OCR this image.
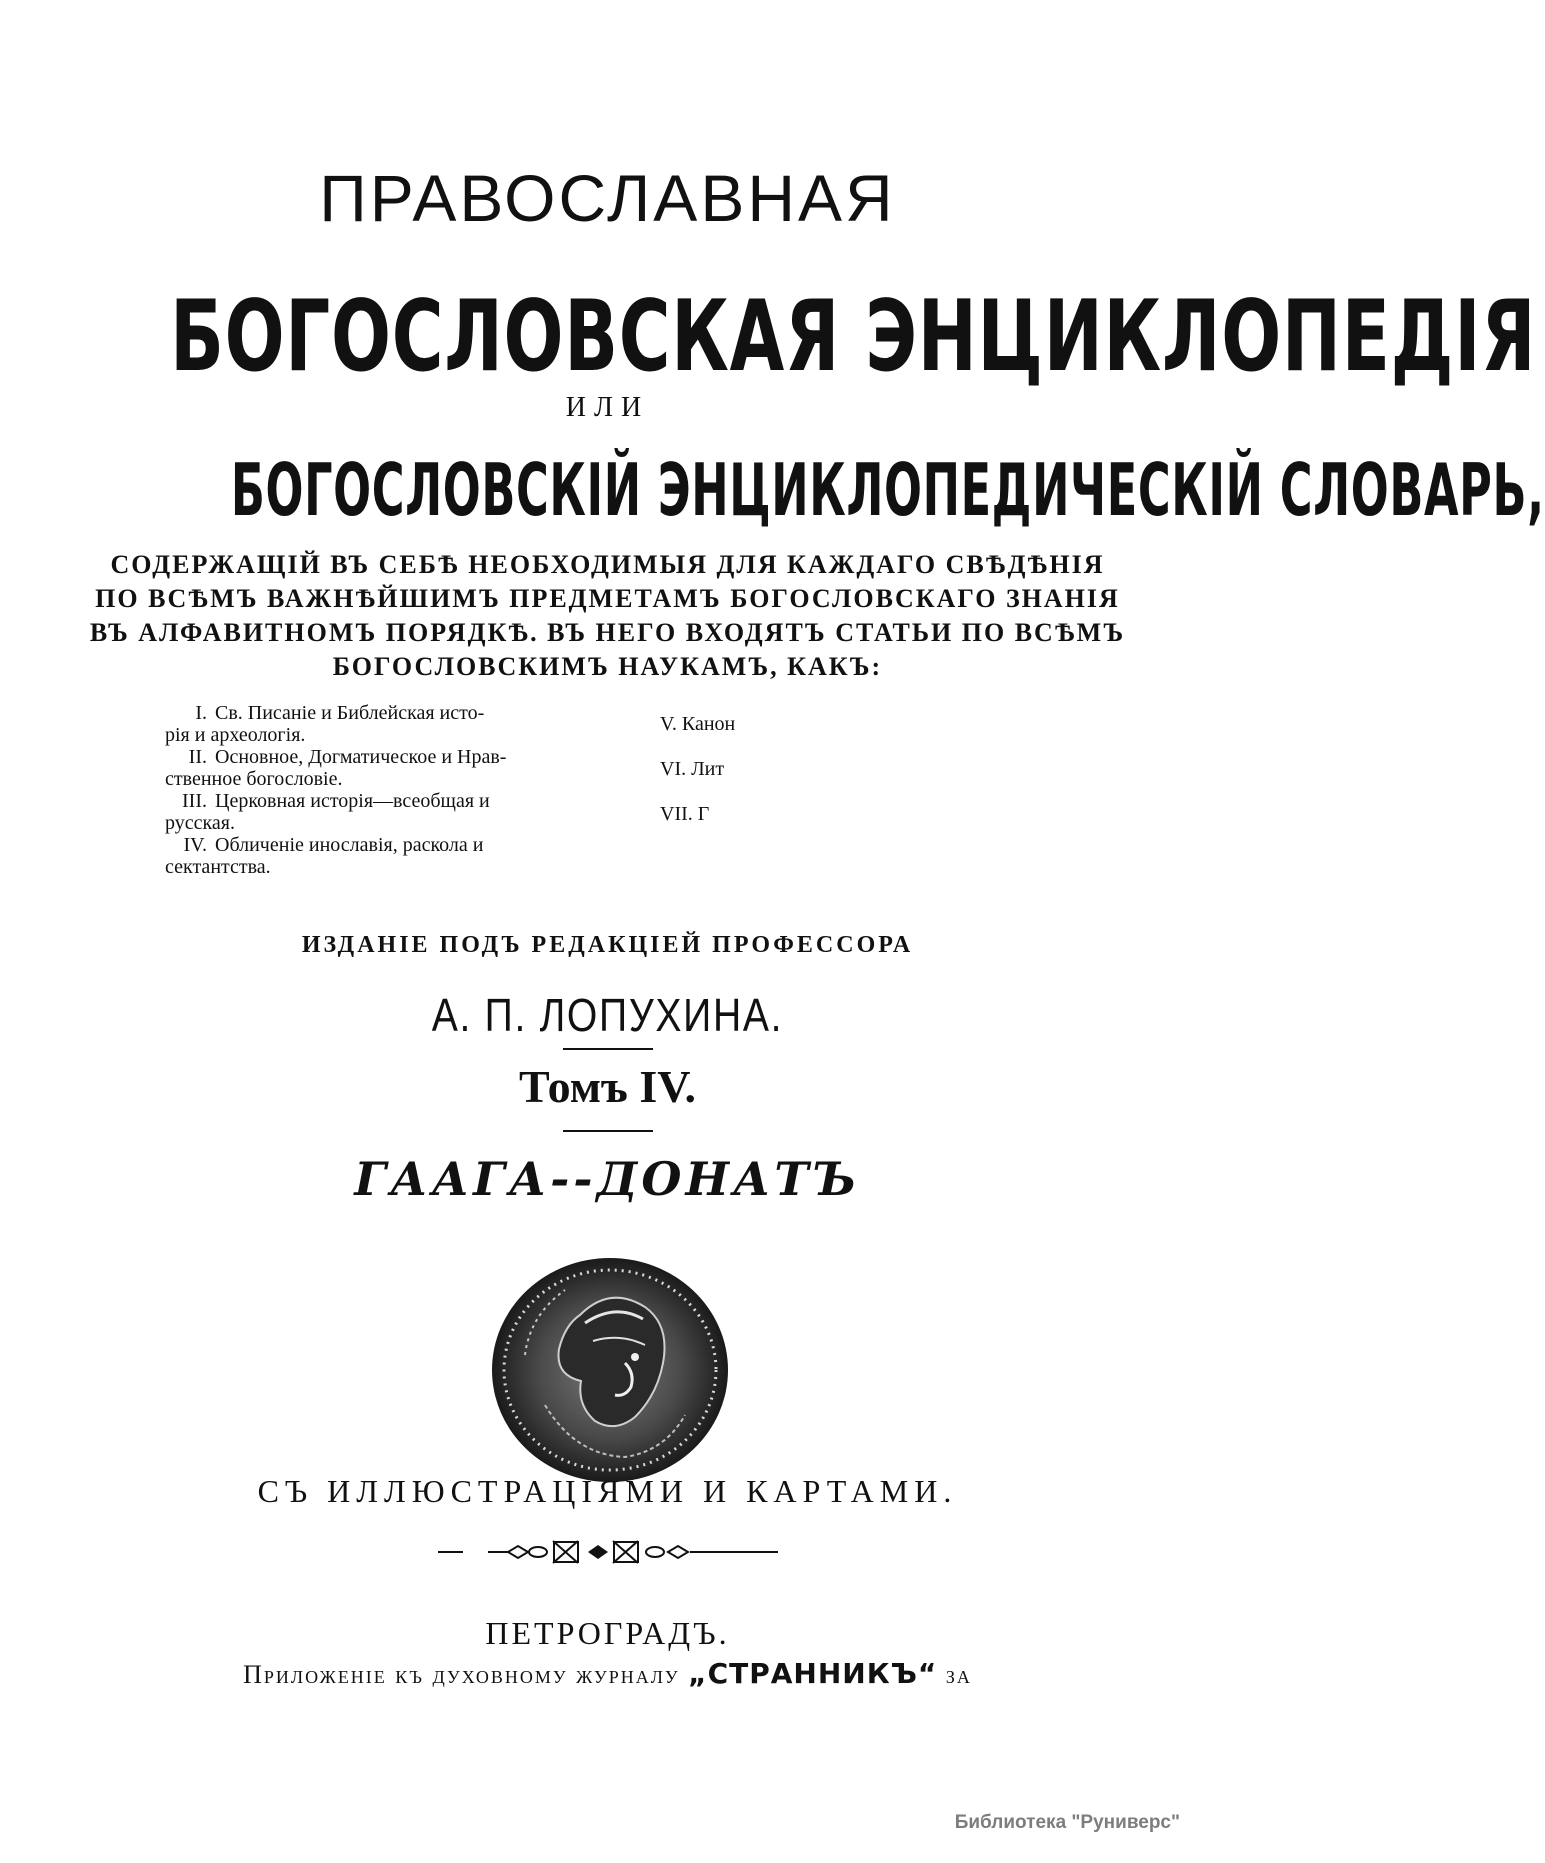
ПРАВОСЛАВНАЯ
БОГОСЛОВСКАЯ ЭНЦИКЛОПЕДІЯ
ИЛИ
БОГОСЛОВСКІЙ ЭНЦИКЛОПЕДИЧЕСКІЙ СЛОВАРЬ,
СОДЕРЖАЩІЙ ВЪ СЕБѢ НЕОБХОДИМЫЯ ДЛЯ КАЖДАГО СВѢДѢНІЯ
ПО ВСѢМЪ ВАЖНѢЙШИМЪ ПРЕДМЕТАМЪ БОГОСЛОВСКАГО ЗНАНІЯ
ВЪ АЛФАВИТНОМЪ ПОРЯДКѢ. ВЪ НЕГО ВХОДЯТЪ СТАТЬИ ПО ВСѢМЪ
БОГОСЛОВСКИМЪ НАУКАМЪ, КАКЪ:
I. Св. Писаніе и Библейская исто-
рія и археологія.
II. Основное, Догматическое и Нрав-
ственное богословіе.
III. Церковная исторія—всеобщая и
русская.
IV. Обличеніе инославія, раскола и
сектантства.
V. Канон
VI. Лит
VII. Г
ИЗДАНІЕ ПОДЪ РЕДАКЦІЕЙ ПРОФЕССОРА
А. П. ЛОПУХИНА.
Томъ IV.
ГААГА--ДОНАТЪ
СЪ ИЛЛЮСТРАЦІЯМИ И КАРТАМИ.
ПЕТРОГРАДЪ.
Приложеніе къ духовному журналу „СТРАННИКЪ“ за
Библиотека "Руниверс"
